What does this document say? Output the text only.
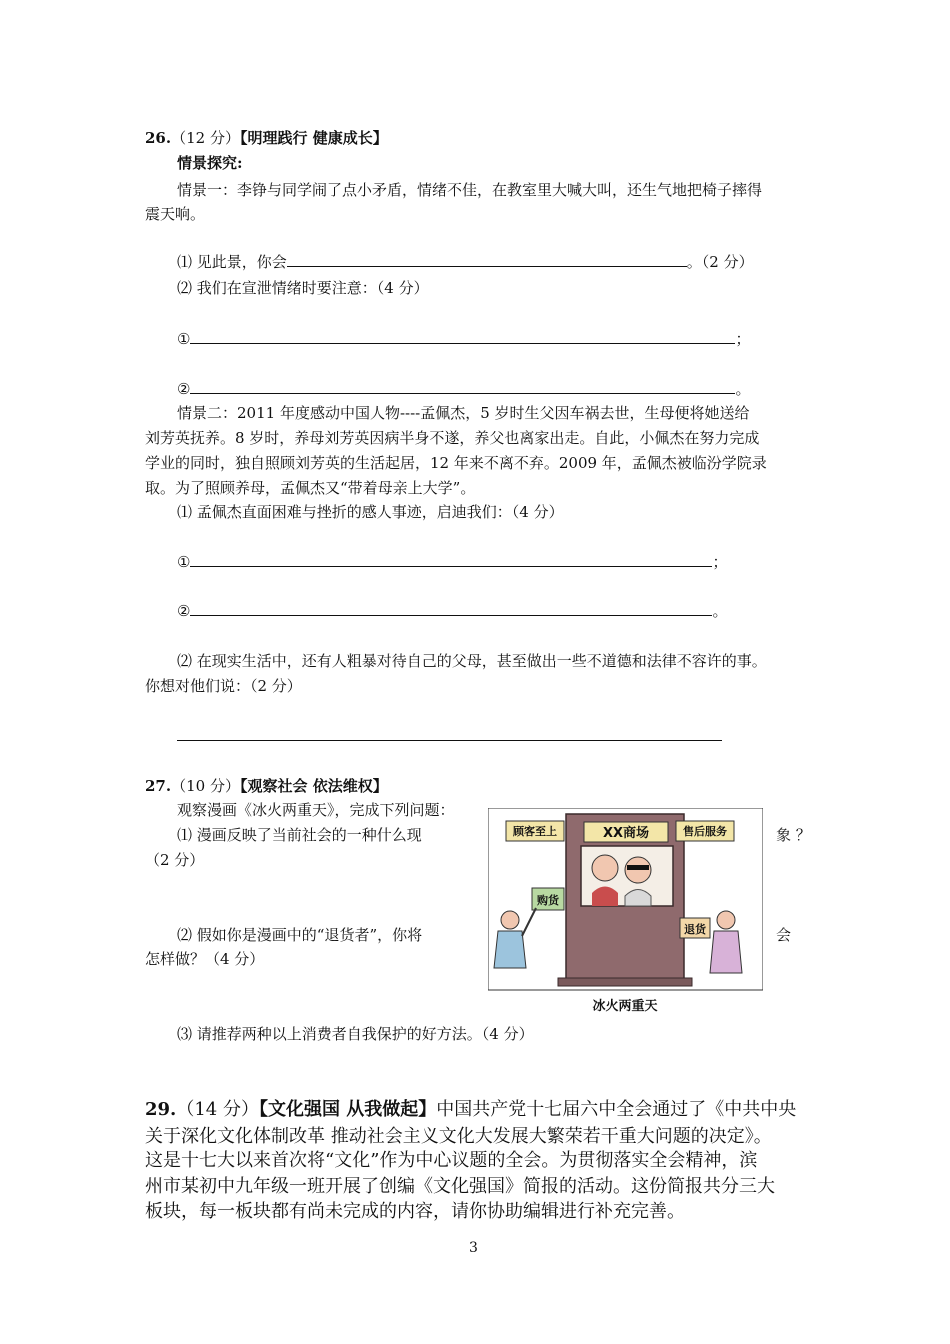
26.（12 分）【明理践行 健康成长】
情景探究:
情景一：李铮与同学闹了点小矛盾，情绪不佳，在教室里大喊大叫，还生气地把椅子摔得
震天响。
⑴ 见此景，你会	。（2 分）
⑵ 我们在宣泄情绪时要注意：（4 分）
①	；
②	。
情景二：2011 年度感动中国人物----孟佩杰，5 岁时生父因车祸去世，生母便将她送给
刘芳英抚养。8 岁时，养母刘芳英因病半身不遂，养父也离家出走。自此，小佩杰在努力完成
学业的同时，独自照顾刘芳英的生活起居，12 年来不离不弃。2009 年，孟佩杰被临汾学院录
取。为了照顾养母，孟佩杰又“带着母亲上大学”。
⑴ 孟佩杰直面困难与挫折的感人事迹，启迪我们：（4 分）
①	；
②	。
⑵ 在现实生活中，还有人粗暴对待自己的父母，甚至做出一些不道德和法律不容许的事。
你想对他们说：（2 分）
27.（10 分）【观察社会 依法维权】
观察漫画《冰火两重天》，完成下列问题：
⑴ 漫画反映了当前社会的一种什么现	象 ？
（2 分）
⑵ 假如你是漫画中的“退货者”，你将	会
怎样做？（4 分）
⑶ 请推荐两种以上消费者自我保护的好方法。（4 分）
顾客至上	XX商场	售后服务
购货
退货
冰火两重天
29.（14 分）【文化强国 从我做起】中国共产党十七届六中全会通过了《中共中央
关于深化文化体制改革 推动社会主义文化大发展大繁荣若干重大问题的决定》。
这是十七大以来首次将“文化”作为中心议题的全会。为贯彻落实全会精神，滨
州市某初中九年级一班开展了创编《文化强国》简报的活动。这份简报共分三大
板块，每一板块都有尚未完成的内容，请你协助编辑进行补充完善。
3
